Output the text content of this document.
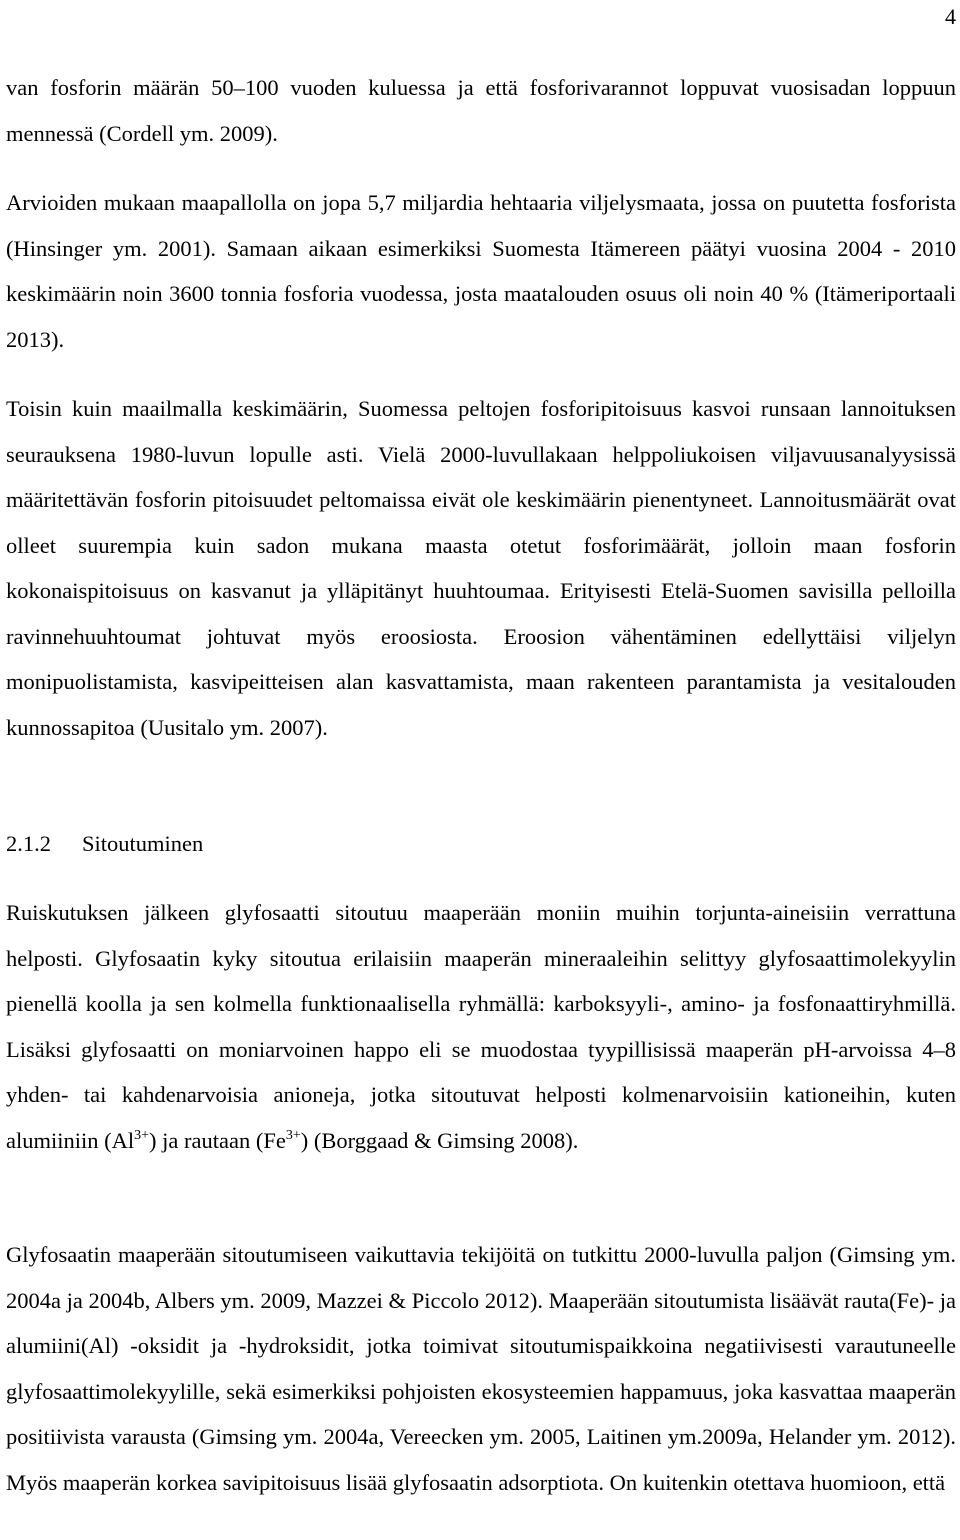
4

van fosforin määrän 50–100 vuoden kuluessa ja että fosforivarannot loppuvat vuosisadan loppuun mennessä (Cordell ym. 2009).

Arvioiden mukaan maapallolla on jopa 5,7 miljardia hehtaaria viljelysmaata, jossa on puutetta fosforista (Hinsinger ym. 2001). Samaan aikaan esimerkiksi Suomesta Itämereen päätyi vuosina 2004 - 2010 keskimäärin noin 3600 tonnia fosforia vuodessa, josta maatalouden osuus oli noin 40 % (Itämeriportaali 2013).

Toisin kuin maailmalla keskimäärin, Suomessa peltojen fosforipitoisuus kasvoi runsaan lannoituksen seurauksena 1980-luvun lopulle asti. Vielä 2000-luvullakaan helppoliukoisen viljavuusanalyysissä määritettävän fosforin pitoisuudet peltomaissa eivät ole keskimäärin pienentyneet. Lannoitusmäärät ovat olleet suurempia kuin sadon mukana maasta otetut fosforimäärät, jolloin maan fosforin kokonaispitoisuus on kasvanut ja ylläpitänyt huuhtoumaa. Erityisesti Etelä-Suomen savisilla pelloilla ravinnehuuhtoumat johtuvat myös eroosiosta. Eroosion vähentäminen edellyttäisi viljelyn monipuolistamista, kasvipeitteisen alan kasvattamista, maan rakenteen parantamista ja vesitalouden kunnossapitoa (Uusitalo ym. 2007).

2.1.2 Sitoutuminen

Ruiskutuksen jälkeen glyfosaatti sitoutuu maaperään moniin muihin torjunta-aineisiin verrattuna helposti. Glyfosaatin kyky sitoutua erilaisiin maaperän mineraaleihin selittyy glyfosaattimolekyylin pienellä koolla ja sen kolmella funktionaalisella ryhmällä: karboksyyli-, amino- ja fosfonaattiryhmillä. Lisäksi glyfosaatti on moniarvoinen happo eli se muodostaa tyypillisissä maaperän pH-arvoissa 4–8 yhden- tai kahdenarvoisia anioneja, jotka sitoutuvat helposti kolmenarvoisiin kationeihin, kuten alumiiniin $(Al^{3+})$ ja rautaan $(Fe^{3+})$ (Borggaad & Gimsing 2008).

Glyfosaatin maaperään sitoutumiseen vaikuttavia tekijöitä on tutkittu 2000-luvulla paljon (Gimsing ym. 2004a ja 2004b, Albers ym. 2009, Mazzei & Piccolo 2012). Maaperään sitoutumista lisäävät rauta(Fe)- ja alumiini(Al) -oksidit ja -hydroksidit, jotka toimivat sitoutumispaikkoina negatiivisesti varautuneelle glyfosaattimolekyylille, sekä esimerkiksi pohjoisten ekosysteemien happamuus, joka kasvattaa maaperän positiivista varausta (Gimsing ym. 2004a, Vereecken ym. 2005, Laitinen ym.2009a, Helander ym. 2012). Myös maaperän korkea savipitoisuus lisää glyfosaatin adsorptiota. On kuitenkin otettava huomioon, että
